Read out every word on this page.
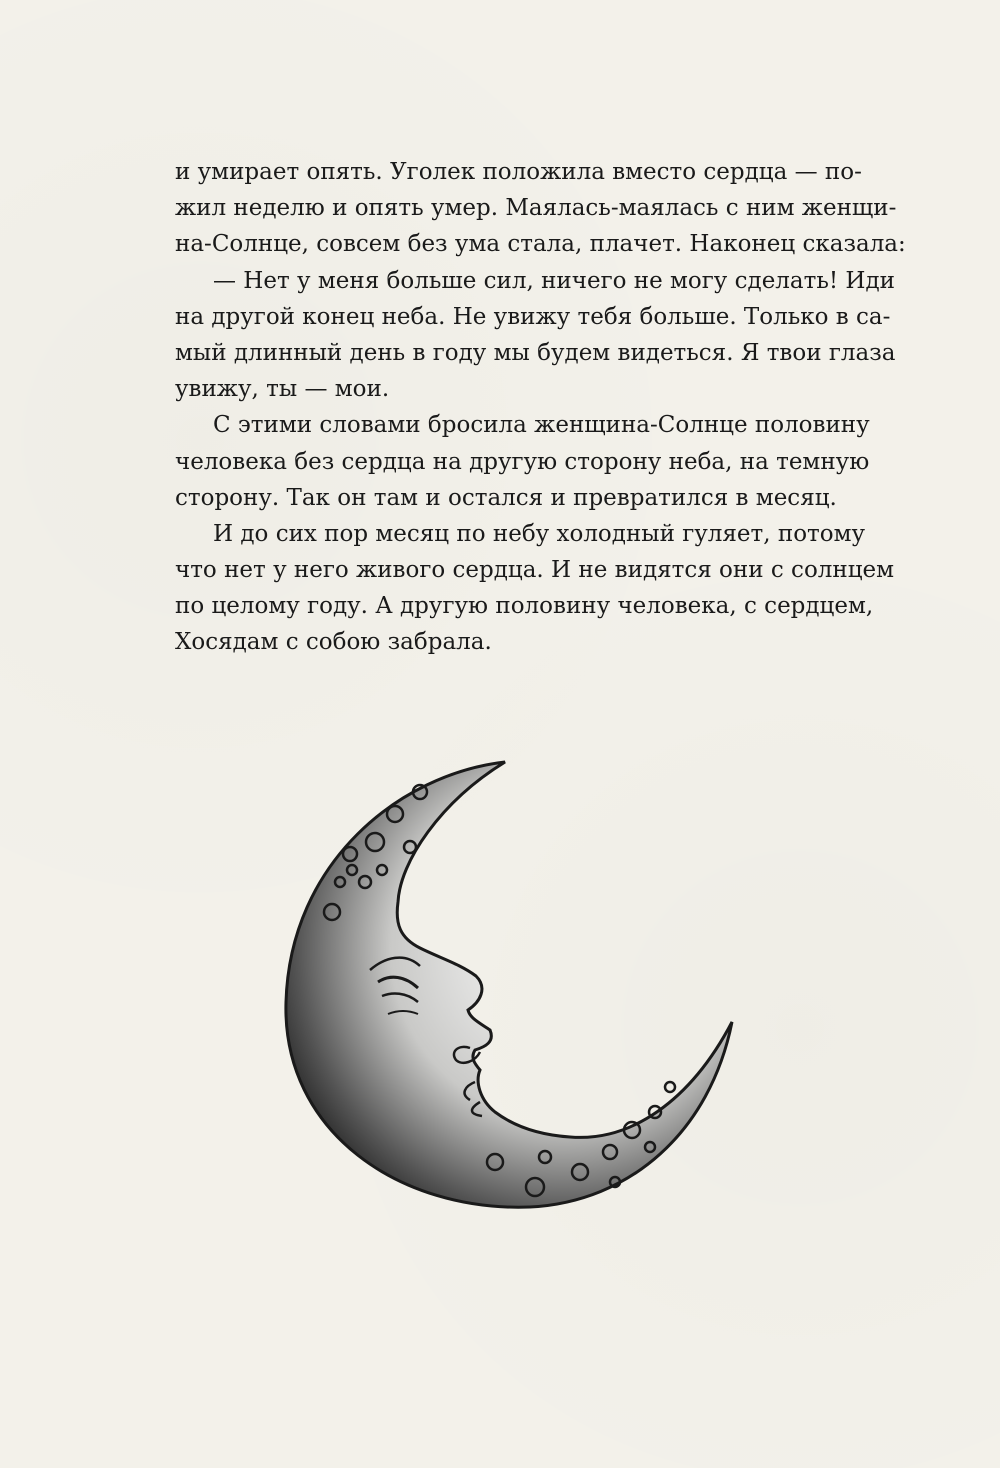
и умирает опять. Уголек положила вместо сердца — по-
жил неделю и опять умер. Маялась-маялась с ним женщи-
на-Солнце, совсем без ума стала, плачет. Наконец сказала:
— Нет у меня больше сил, ничего не могу сделать! Иди
на другой конец неба. Не увижу тебя больше. Только в са-
мый длинный день в году мы будем видеться. Я твои глаза
увижу, ты — мои.
С этими словами бросила женщина-Солнце половину
человека без сердца на другую сторону неба, на темную
сторону. Так он там и остался и превратился в месяц.
И до сих пор месяц по небу холодный гуляет, потому
что нет у него живого сердца. И не видятся они с солнцем
по целому году. А другую половину человека, с сердцем,
Хосядам с собою забрала.
